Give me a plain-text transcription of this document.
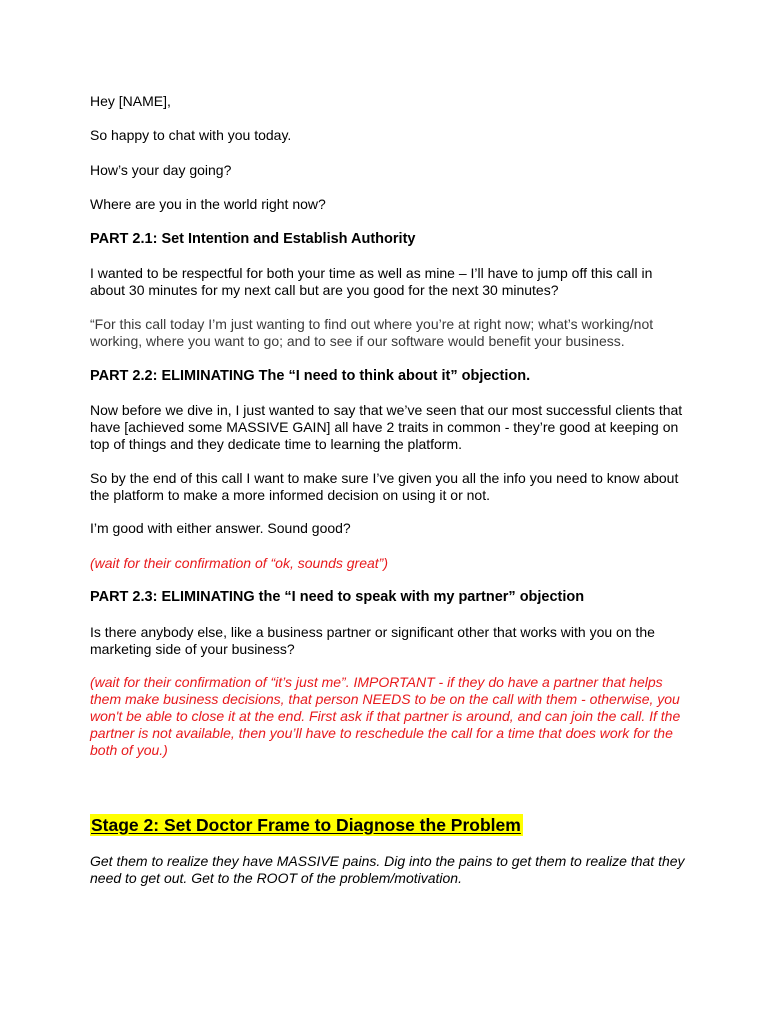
Hey [NAME],

So happy to chat with you today.

How’s your day going?

Where are you in the world right now?

PART 2.1: Set Intention and Establish Authority

I wanted to be respectful for both your time as well as mine – I’ll have to jump off this call in about 30 minutes for my next call but are you good for the next 30 minutes?

“For this call today I’m just wanting to find out where you’re at right now; what’s working/not working, where you want to go; and to see if our software would benefit your business.

PART 2.2: ELIMINATING The “I need to think about it” objection.

Now before we dive in, I just wanted to say that we’ve seen that our most successful clients that have [achieved some MASSIVE GAIN] all have 2 traits in common - they’re good at keeping on top of things and they dedicate time to learning the platform.

So by the end of this call I want to make sure I’ve given you all the info you need to know about the platform to make a more informed decision on using it or not.

I’m good with either answer. Sound good?

(wait for their confirmation of “ok, sounds great”)

PART 2.3: ELIMINATING the “I need to speak with my partner” objection

Is there anybody else, like a business partner or significant other that works with you on the marketing side of your business?

(wait for their confirmation of “it’s just me”. IMPORTANT - if they do have a partner that helps them make business decisions, that person NEEDS to be on the call with them - otherwise, you won't be able to close it at the end. First ask if that partner is around, and can join the call. If the partner is not available, then you’ll have to reschedule the call for a time that does work for the both of you.)

Stage 2: Set Doctor Frame to Diagnose the Problem

Get them to realize they have MASSIVE pains. Dig into the pains to get them to realize that they need to get out. Get to the ROOT of the problem/motivation.
